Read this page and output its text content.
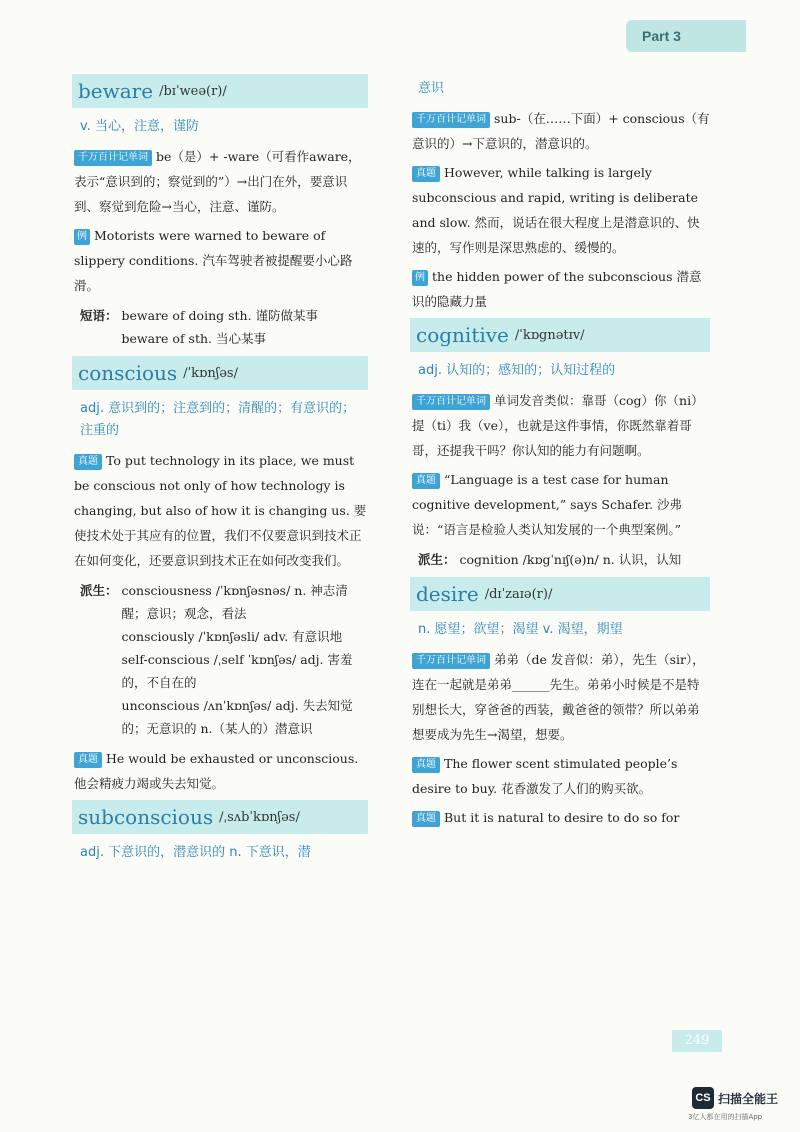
Part 3
beware /bɪˈweə(r)/
v. 当心，注意，谨防
千万百计记单词 be（是）+ -ware（可看作aware，表示“意识到的；察觉到的”）→出门在外，要意识到、察觉到危险→当心，注意、谨防。
例 Motorists were warned to beware of slippery conditions. 汽车驾驶者被提醒要小心路滑。
短语： beware of doing sth. 谨防做某事
beware of sth. 当心某事
conscious /ˈkɒnʃəs/
adj. 意识到的；注意到的；清醒的；有意识的；注重的
真题 To put technology in its place, we must be conscious not only of how technology is changing, but also of how it is changing us. 要使技术处于其应有的位置，我们不仅要意识到技术正在如何变化，还要意识到技术正在如何改变我们。
派生： consciousness /ˈkɒnʃəsnəs/ n. 神志清醒；意识；观念，看法
consciously /ˈkɒnʃəsli/ adv. 有意识地
self-conscious /ˌself ˈkɒnʃəs/ adj. 害羞的，不自在的
unconscious /ʌnˈkɒnʃəs/ adj. 失去知觉的；无意识的 n.（某人的）潜意识
真题 He would be exhausted or unconscious. 他会精疲力竭或失去知觉。
subconscious /ˌsʌbˈkɒnʃəs/
adj. 下意识的，潜意识的 n. 下意识，潜
意识
千万百计记单词 sub-（在……下面）+ conscious（有意识的）→下意识的，潜意识的。
真题 However, while talking is largely subconscious and rapid, writing is deliberate and slow. 然而，说话在很大程度上是潜意识的、快速的，写作则是深思熟虑的、缓慢的。
例 the hidden power of the subconscious 潜意识的隐藏力量
cognitive /ˈkɒgnətɪv/
adj. 认知的；感知的；认知过程的
千万百计记单词 单词发音类似：靠哥（cog）你（ni）提（ti）我（ve），也就是这件事情，你既然靠着哥哥，还提我干吗？你认知的能力有问题啊。
真题 “Language is a test case for human cognitive development,” says Schafer. 沙弗说：“语言是检验人类认知发展的一个典型案例。”
派生： cognition /kɒgˈnɪʃ(ə)n/ n. 认识，认知
desire /dɪˈzaɪə(r)/
n. 愿望；欲望；渴望 v. 渴望，期望
千万百计记单词 弟弟（de 发音似：弟），先生（sir），连在一起就是弟弟______先生。弟弟小时候是不是特别想长大，穿爸爸的西装，戴爸爸的领带？所以弟弟想要成为先生→渴望，想要。
真题 The flower scent stimulated people’s desire to buy. 花香激发了人们的购买欲。
真题 But it is natural to desire to do so for
249
CS 扫描全能王
3亿人都在用的扫描App
